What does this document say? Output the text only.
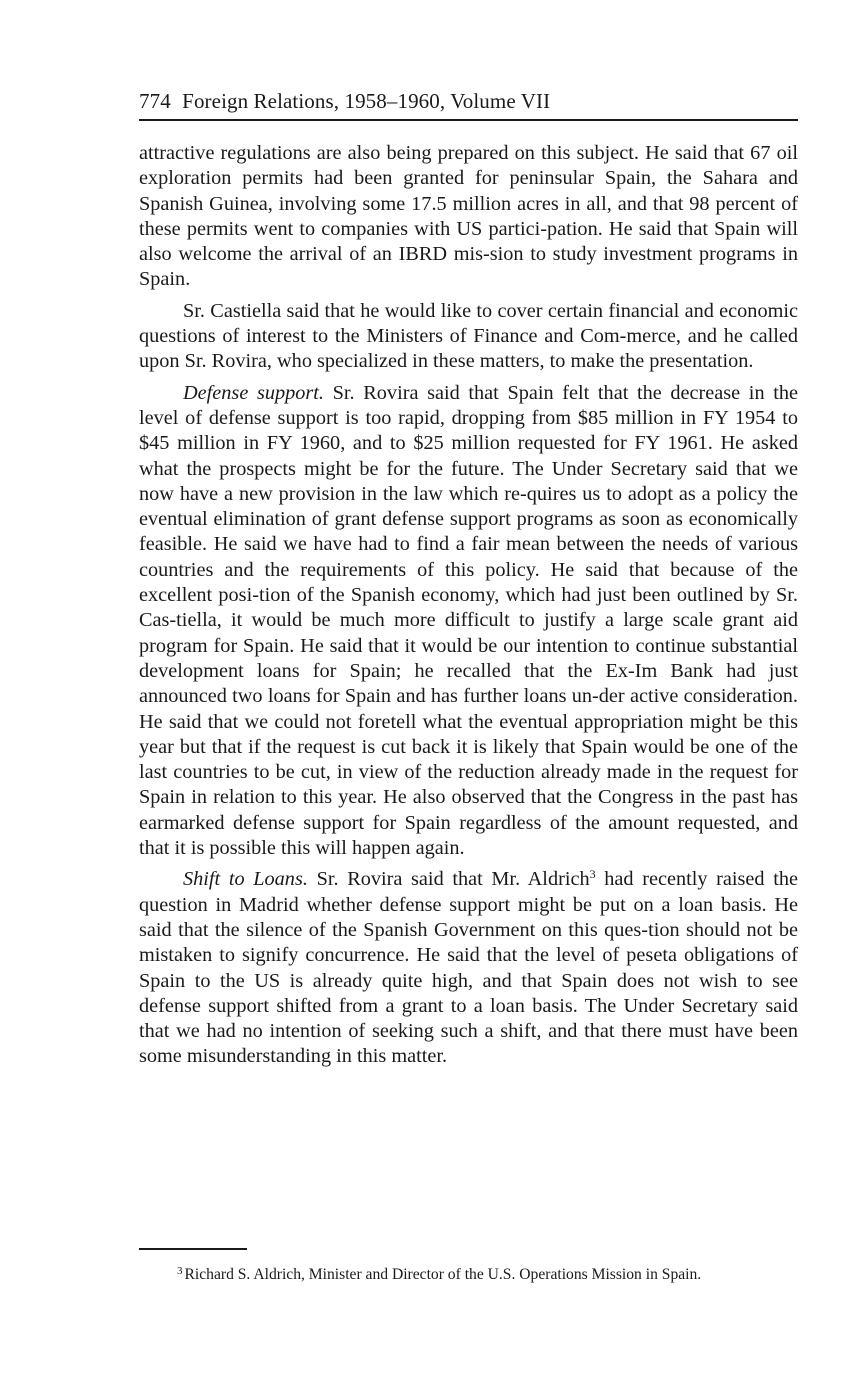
774 Foreign Relations, 1958–1960, Volume VII

attractive regulations are also being prepared on this subject. He said that 67 oil exploration permits had been granted for peninsular Spain, the Sahara and Spanish Guinea, involving some 17.5 million acres in all, and that 98 percent of these permits went to companies with US partici-pation. He said that Spain will also welcome the arrival of an IBRD mis-sion to study investment programs in Spain.

Sr. Castiella said that he would like to cover certain financial and economic questions of interest to the Ministers of Finance and Com-merce, and he called upon Sr. Rovira, who specialized in these matters, to make the presentation.

Defense support. Sr. Rovira said that Spain felt that the decrease in the level of defense support is too rapid, dropping from $85 million in FY 1954 to $45 million in FY 1960, and to $25 million requested for FY 1961. He asked what the prospects might be for the future. The Under Secretary said that we now have a new provision in the law which re-quires us to adopt as a policy the eventual elimination of grant defense support programs as soon as economically feasible. He said we have had to find a fair mean between the needs of various countries and the requirements of this policy. He said that because of the excellent posi-tion of the Spanish economy, which had just been outlined by Sr. Cas-tiella, it would be much more difficult to justify a large scale grant aid program for Spain. He said that it would be our intention to continue substantial development loans for Spain; he recalled that the Ex-Im Bank had just announced two loans for Spain and has further loans un-der active consideration. He said that we could not foretell what the eventual appropriation might be this year but that if the request is cut back it is likely that Spain would be one of the last countries to be cut, in view of the reduction already made in the request for Spain in relation to this year. He also observed that the Congress in the past has earmarked defense support for Spain regardless of the amount requested, and that it is possible this will happen again.

Shift to Loans. Sr. Rovira said that Mr. Aldrich$^3$ had recently raised the question in Madrid whether defense support might be put on a loan basis. He said that the silence of the Spanish Government on this ques-tion should not be mistaken to signify concurrence. He said that the level of peseta obligations of Spain to the US is already quite high, and that Spain does not wish to see defense support shifted from a grant to a loan basis. The Under Secretary said that we had no intention of seeking such a shift, and that there must have been some misunderstanding in this matter.

$^3$ Richard S. Aldrich, Minister and Director of the U.S. Operations Mission in Spain.
